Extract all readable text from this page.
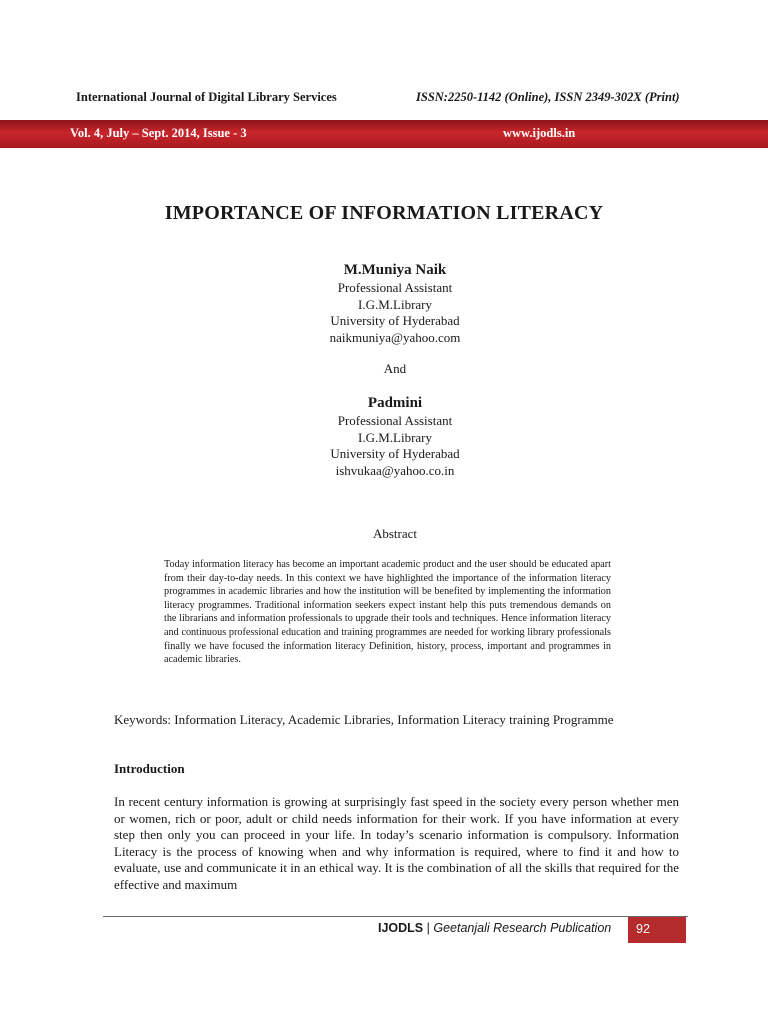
International Journal of Digital Library Services	ISSN:2250-1142 (Online), ISSN 2349-302X (Print)
Vol. 4, July – Sept. 2014, Issue - 3	www.ijodls.in
IMPORTANCE OF INFORMATION LITERACY
M.Muniya Naik
Professional Assistant
I.G.M.Library
University of Hyderabad
naikmuniya@yahoo.com
And
Padmini
Professional Assistant
I.G.M.Library
University of Hyderabad
ishvukaa@yahoo.co.in
Abstract
Today information literacy has become an important academic product and the user should be educated apart from their day-to-day needs. In this context we have highlighted the importance of the information literacy programmes in academic libraries and how the institution will be benefited by implementing the information literacy programmes. Traditional information seekers expect instant help this puts tremendous demands on the librarians and information professionals to upgrade their tools and techniques. Hence information literacy and continuous professional education and training programmes are needed for working library professionals finally we have focused the information literacy Definition, history, process, important and programmes in academic libraries.
Keywords: Information Literacy, Academic Libraries, Information Literacy training Programme
Introduction
In recent century information is growing at surprisingly fast speed in the society every person whether men or women, rich or poor, adult or child needs information for their work. If you have information at every step then only you can proceed in your life. In today’s scenario information is compulsory. Information Literacy is the process of knowing when and why information is required, where to find it and how to evaluate, use and communicate it in an ethical way. It is the combination of all the skills that required for the effective and maximum
IJODLS | Geetanjali Research Publication 92
